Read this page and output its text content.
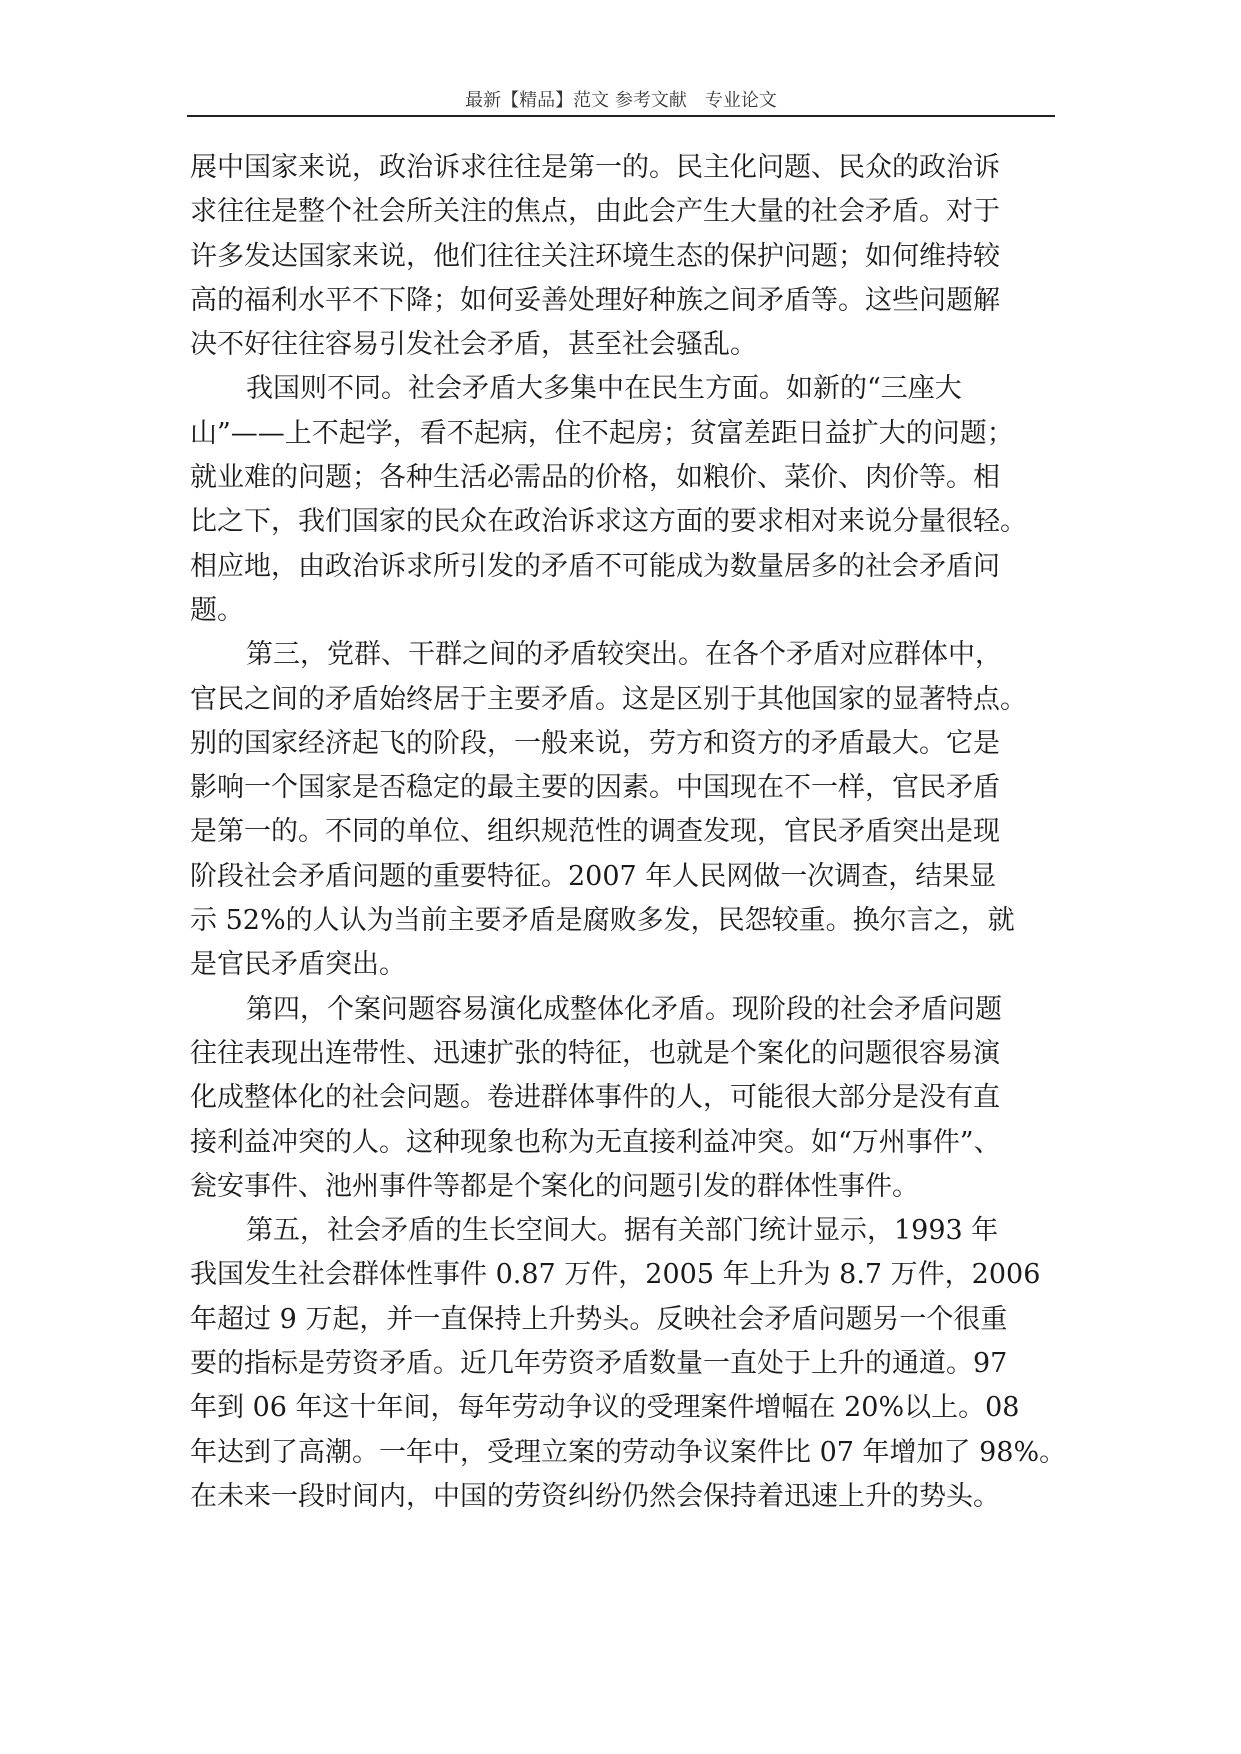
最新【精品】范文 参考文献　专业论文
展中国家来说，政治诉求往往是第一的。民主化问题、民众的政治诉
求往往是整个社会所关注的焦点，由此会产生大量的社会矛盾。对于
许多发达国家来说，他们往往关注环境生态的保护问题；如何维持较
高的福利水平不下降；如何妥善处理好种族之间矛盾等。这些问题解
决不好往往容易引发社会矛盾，甚至社会骚乱。
我国则不同。社会矛盾大多集中在民生方面。如新的“三座大
山”——上不起学，看不起病，住不起房；贫富差距日益扩大的问题；
就业难的问题；各种生活必需品的价格，如粮价、菜价、肉价等。相
比之下，我们国家的民众在政治诉求这方面的要求相对来说分量很轻。
相应地，由政治诉求所引发的矛盾不可能成为数量居多的社会矛盾问
题。
第三，党群、干群之间的矛盾较突出。在各个矛盾对应群体中，
官民之间的矛盾始终居于主要矛盾。这是区别于其他国家的显著特点。
别的国家经济起飞的阶段，一般来说，劳方和资方的矛盾最大。它是
影响一个国家是否稳定的最主要的因素。中国现在不一样，官民矛盾
是第一的。不同的单位、组织规范性的调查发现，官民矛盾突出是现
阶段社会矛盾问题的重要特征。2007 年人民网做一次调查，结果显
示 52%的人认为当前主要矛盾是腐败多发，民怨较重。换尔言之，就
是官民矛盾突出。
第四，个案问题容易演化成整体化矛盾。现阶段的社会矛盾问题
往往表现出连带性、迅速扩张的特征，也就是个案化的问题很容易演
化成整体化的社会问题。卷进群体事件的人，可能很大部分是没有直
接利益冲突的人。这种现象也称为无直接利益冲突。如“万州事件”、
瓮安事件、池州事件等都是个案化的问题引发的群体性事件。
第五，社会矛盾的生长空间大。据有关部门统计显示，1993 年
我国发生社会群体性事件 0.87 万件，2005 年上升为 8.7 万件，2006
年超过 9 万起，并一直保持上升势头。反映社会矛盾问题另一个很重
要的指标是劳资矛盾。近几年劳资矛盾数量一直处于上升的通道。97
年到 06 年这十年间，每年劳动争议的受理案件增幅在 20%以上。08
年达到了高潮。一年中，受理立案的劳动争议案件比 07 年增加了 98%。
在未来一段时间内，中国的劳资纠纷仍然会保持着迅速上升的势头。
